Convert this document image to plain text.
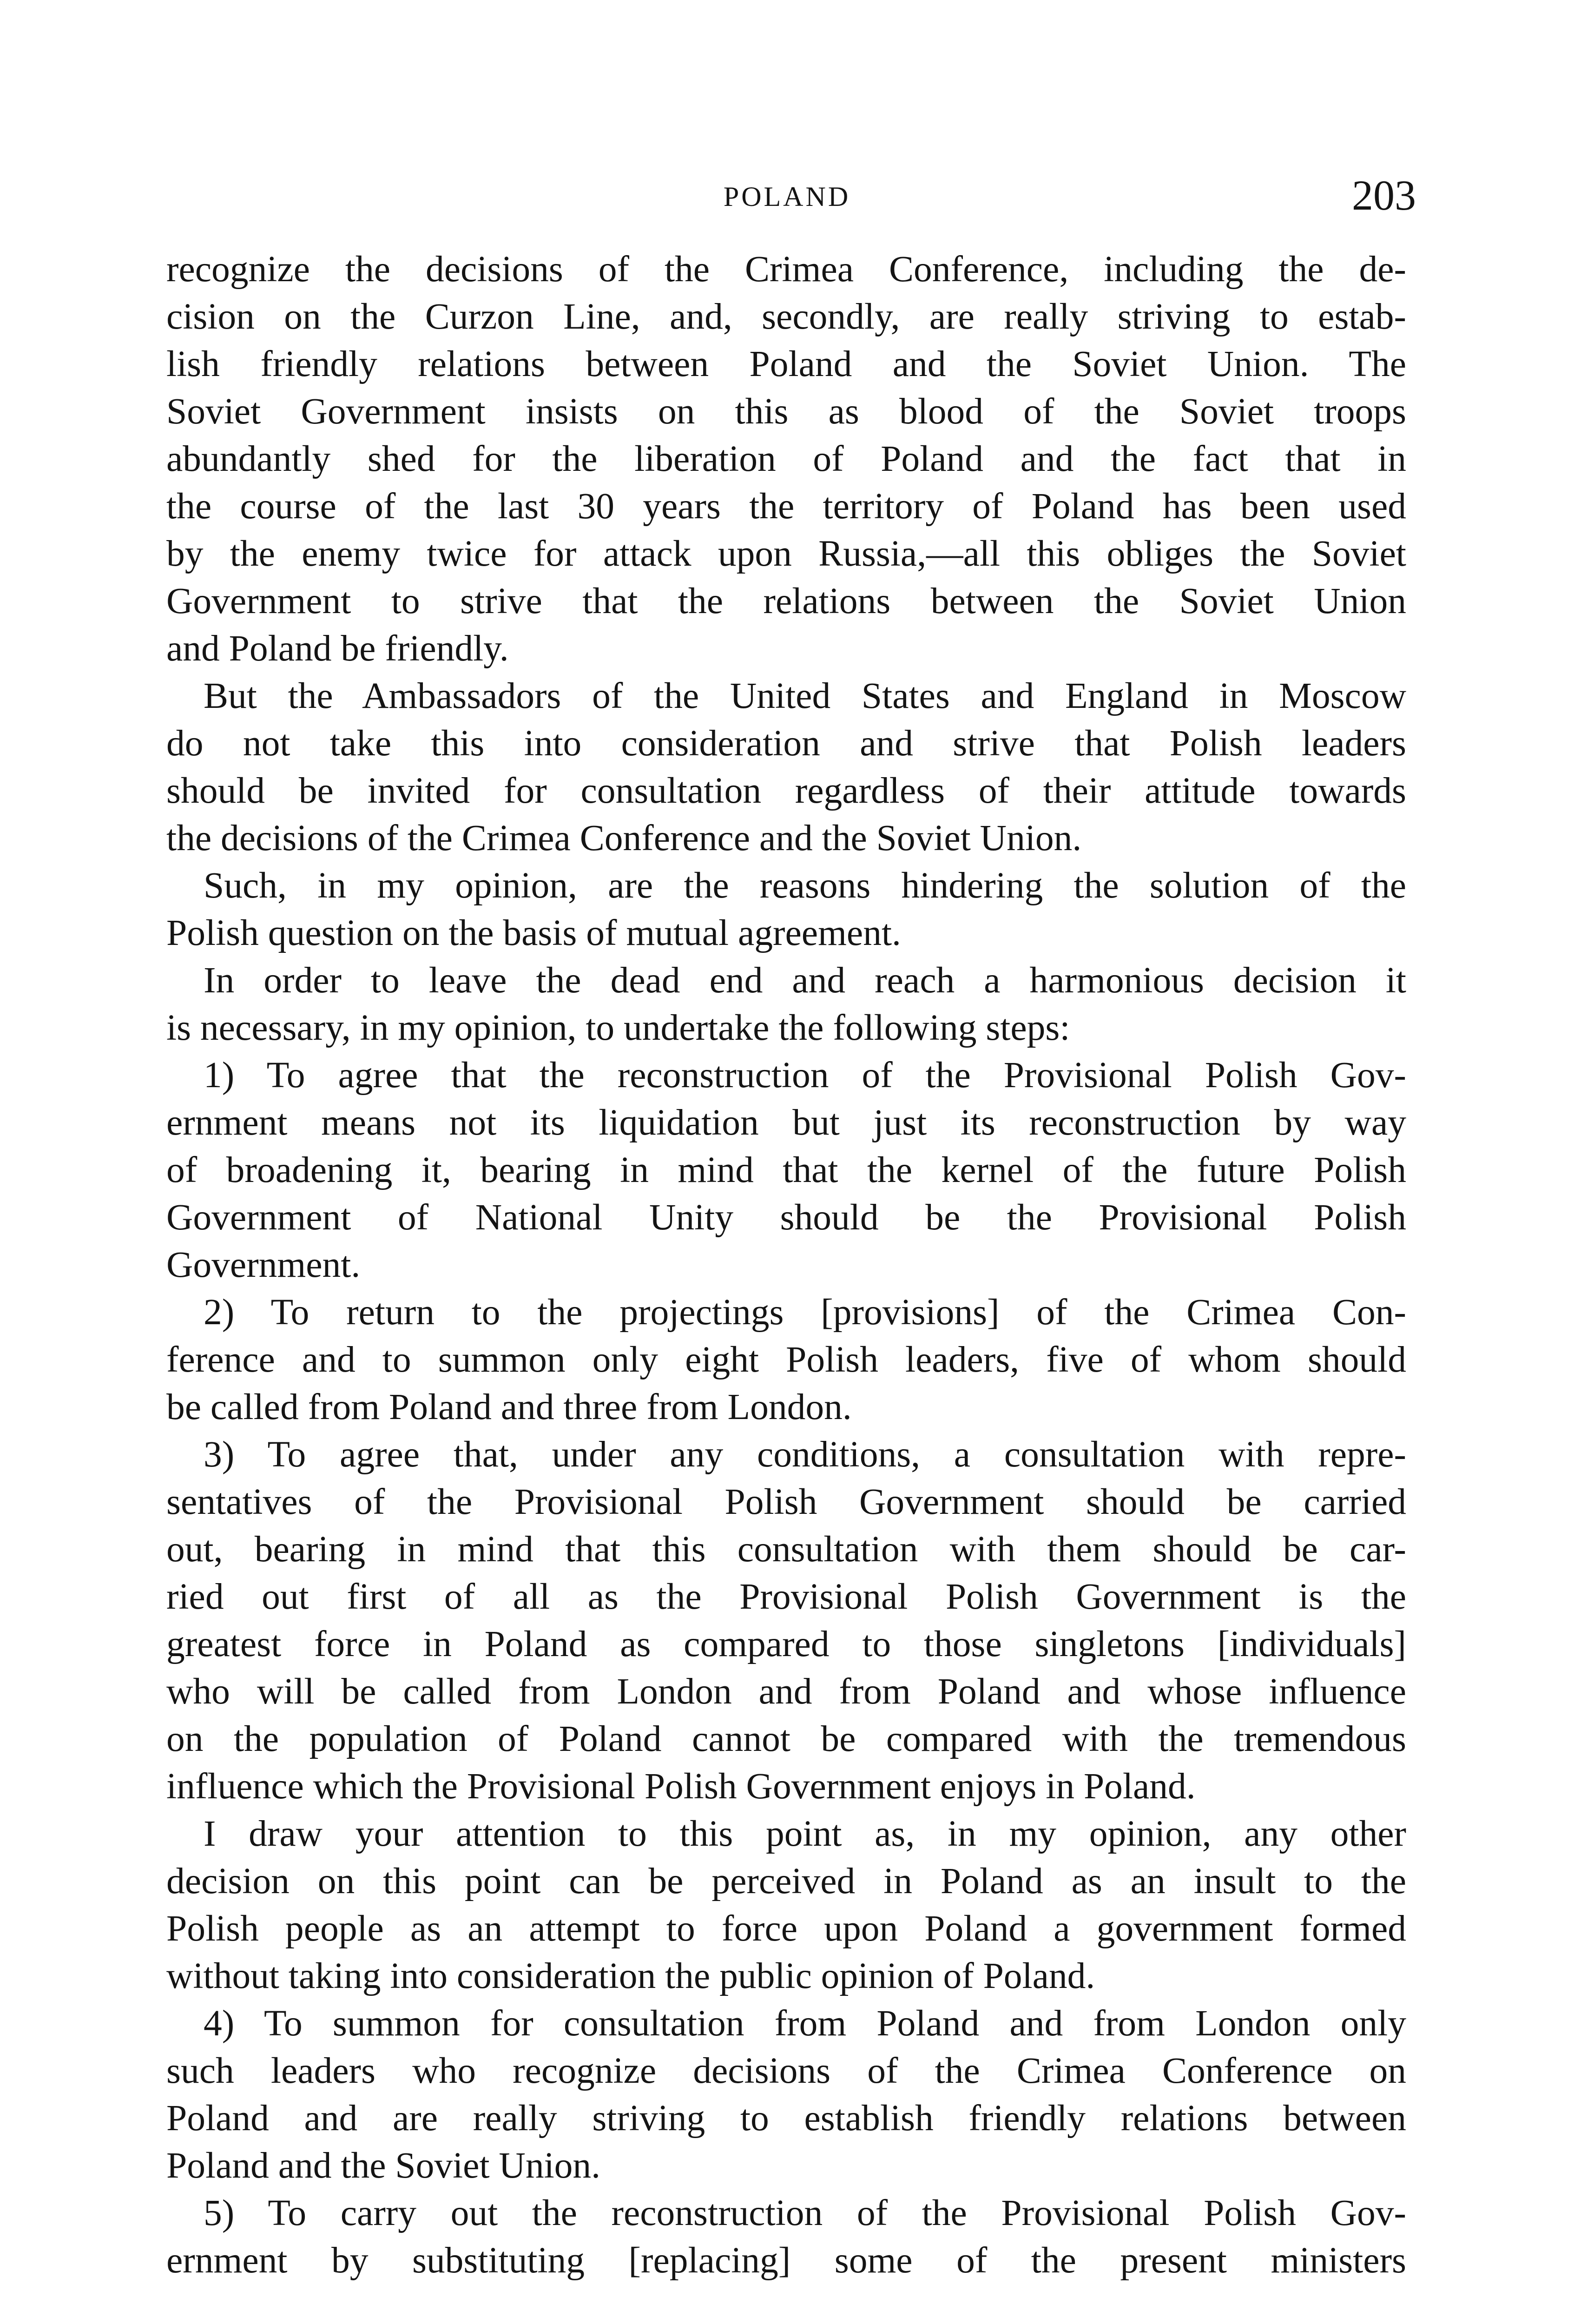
POLAND	203
recognize the decisions of the Crimea Conference, including the de-
cision on the Curzon Line, and, secondly, are really striving to estab-
lish friendly relations between Poland and the Soviet Union. The
Soviet Government insists on this as blood of the Soviet troops
abundantly shed for the liberation of Poland and the fact that in
the course of the last 30 years the territory of Poland has been used
by the enemy twice for attack upon Russia,—all this obliges the Soviet
Government to strive that the relations between the Soviet Union
and Poland be friendly.
But the Ambassadors of the United States and England in Moscow
do not take this into consideration and strive that Polish leaders
should be invited for consultation regardless of their attitude towards
the decisions of the Crimea Conference and the Soviet Union.
Such, in my opinion, are the reasons hindering the solution of the
Polish question on the basis of mutual agreement.
In order to leave the dead end and reach a harmonious decision it
is necessary, in my opinion, to undertake the following steps:
1) To agree that the reconstruction of the Provisional Polish Gov-
ernment means not its liquidation but just its reconstruction by way
of broadening it, bearing in mind that the kernel of the future Polish
Government of National Unity should be the Provisional Polish
Government.
2) To return to the projectings [provisions] of the Crimea Con-
ference and to summon only eight Polish leaders, five of whom should
be called from Poland and three from London.
3) To agree that, under any conditions, a consultation with repre-
sentatives of the Provisional Polish Government should be carried
out, bearing in mind that this consultation with them should be car-
ried out first of all as the Provisional Polish Government is the
greatest force in Poland as compared to those singletons [individuals]
who will be called from London and from Poland and whose influence
on the population of Poland cannot be compared with the tremendous
influence which the Provisional Polish Government enjoys in Poland.
I draw your attention to this point as, in my opinion, any other
decision on this point can be perceived in Poland as an insult to the
Polish people as an attempt to force upon Poland a government formed
without taking into consideration the public opinion of Poland.
4) To summon for consultation from Poland and from London only
such leaders who recognize decisions of the Crimea Conference on
Poland and are really striving to establish friendly relations between
Poland and the Soviet Union.
5) To carry out the reconstruction of the Provisional Polish Gov-
ernment by substituting [replacing] some of the present ministers
